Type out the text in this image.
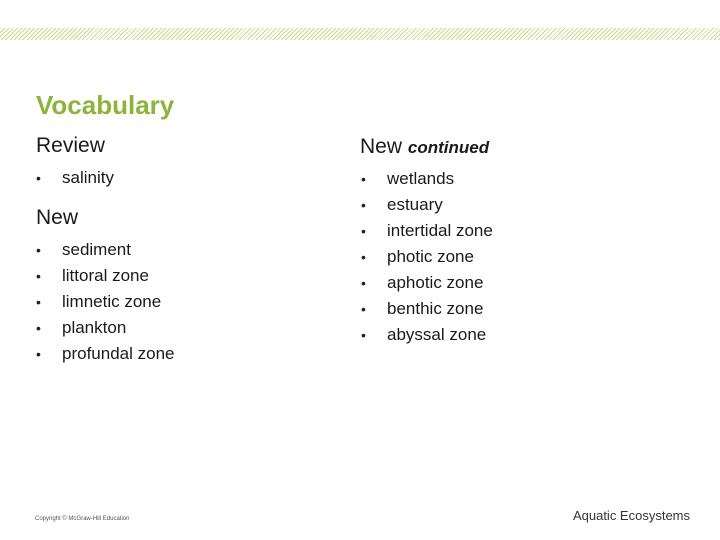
Vocabulary
Review
• salinity
New
• sediment
• littoral zone
• limnetic zone
• plankton
• profundal zone
New continued
• wetlands
• estuary
• intertidal zone
• photic zone
• aphotic zone
• benthic zone
• abyssal zone
Copyright © McGraw-Hill Education	Aquatic Ecosystems
